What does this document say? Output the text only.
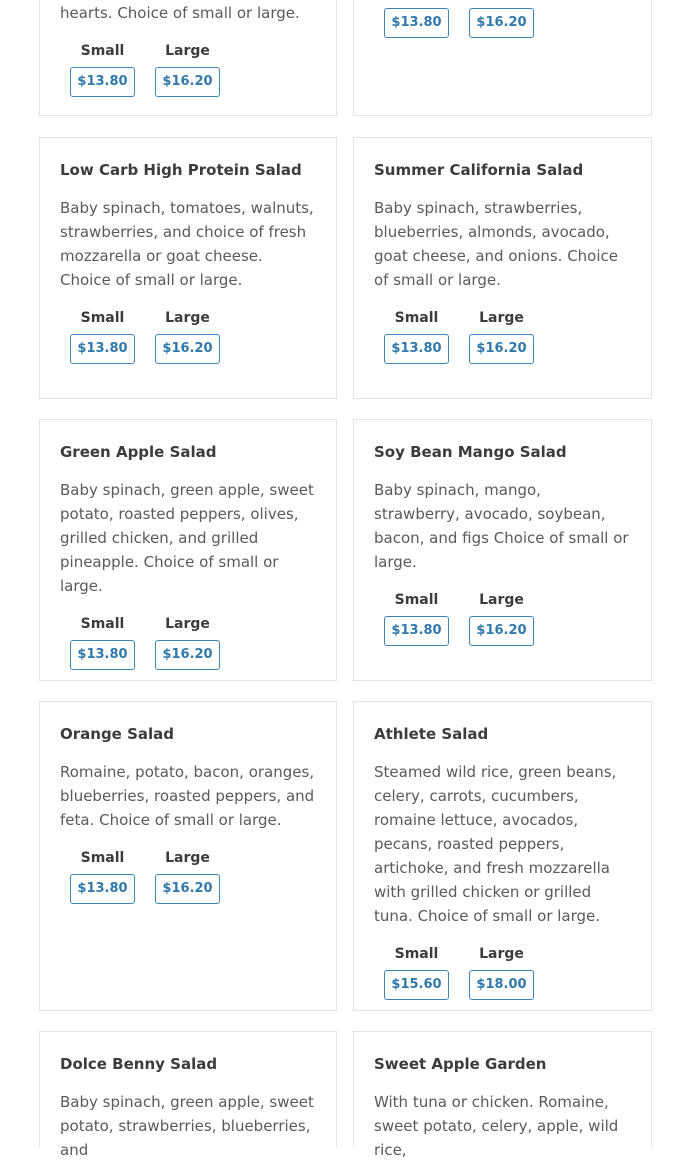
hearts. Choice of small or large.

Small
$13.80
Large
$16.20
$13.80	$16.20
Low Carb High Protein Salad

Baby spinach, tomatoes, walnuts, strawberries, and choice of fresh mozzarella or goat cheese. Choice of small or large.

Small
$13.80
Large
$16.20
Summer California Salad

Baby spinach, strawberries, blueberries, almonds, avocado, goat cheese, and onions. Choice of small or large.

Small
$13.80
Large
$16.20
Green Apple Salad

Baby spinach, green apple, sweet potato, roasted peppers, olives, grilled chicken, and grilled pineapple. Choice of small or large.

Small
$13.80
Large
$16.20
Soy Bean Mango Salad

Baby spinach, mango, strawberry, avocado, soybean, bacon, and figs Choice of small or large.

Small
$13.80
Large
$16.20
Orange Salad

Romaine, potato, bacon, oranges, blueberries, roasted peppers, and feta. Choice of small or large.

Small
$13.80
Large
$16.20
Athlete Salad

Steamed wild rice, green beans, celery, carrots, cucumbers, romaine lettuce, avocados, pecans, roasted peppers, artichoke, and fresh mozzarella with grilled chicken or grilled tuna. Choice of small or large.

Small
$15.60
Large
$18.00
Dolce Benny Salad

Baby spinach, green apple, sweet potato, strawberries, blueberries, and

Sweet Apple Garden

With tuna or chicken. Romaine, sweet potato, celery, apple, wild rice,
